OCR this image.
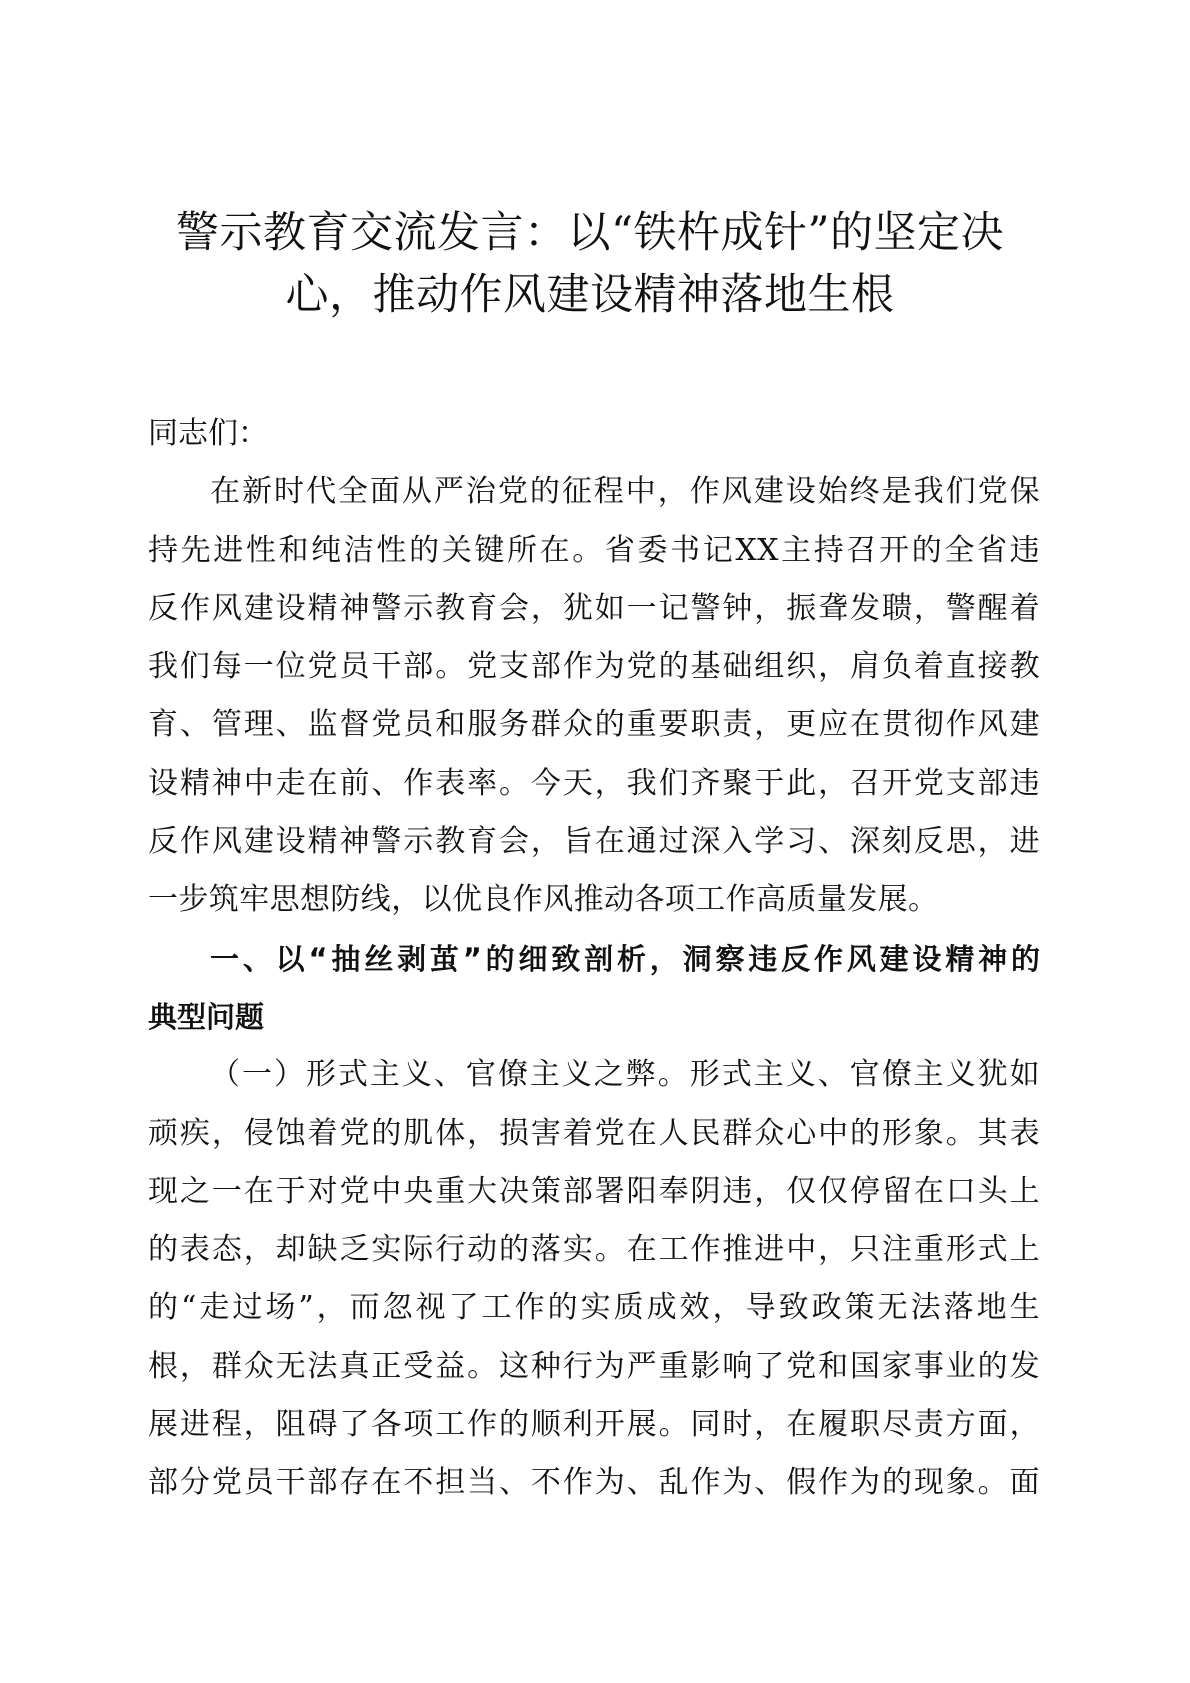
警示教育交流发言：以“铁杵成针”的坚定决
心，推动作风建设精神落地生根

同志们：

在新时代全面从严治党的征程中，作风建设始终是我们党保
持先进性和纯洁性的关键所在。省委书记XX主持召开的全省违
反作风建设精神警示教育会，犹如一记警钟，振聋发聩，警醒着
我们每一位党员干部。党支部作为党的基础组织，肩负着直接教
育、管理、监督党员和服务群众的重要职责，更应在贯彻作风建
设精神中走在前、作表率。今天，我们齐聚于此，召开党支部违
反作风建设精神警示教育会，旨在通过深入学习、深刻反思，进
一步筑牢思想防线，以优良作风推动各项工作高质量发展。
一、以“抽丝剥茧”的细致剖析，洞察违反作风建设精神的
典型问题
（一）形式主义、官僚主义之弊。形式主义、官僚主义犹如
顽疾，侵蚀着党的肌体，损害着党在人民群众心中的形象。其表
现之一在于对党中央重大决策部署阳奉阴违，仅仅停留在口头上
的表态，却缺乏实际行动的落实。在工作推进中，只注重形式上
的“走过场”，而忽视了工作的实质成效，导致政策无法落地生
根，群众无法真正受益。这种行为严重影响了党和国家事业的发
展进程，阻碍了各项工作的顺利开展。同时，在履职尽责方面，
部分党员干部存在不担当、不作为、乱作为、假作为的现象。面
